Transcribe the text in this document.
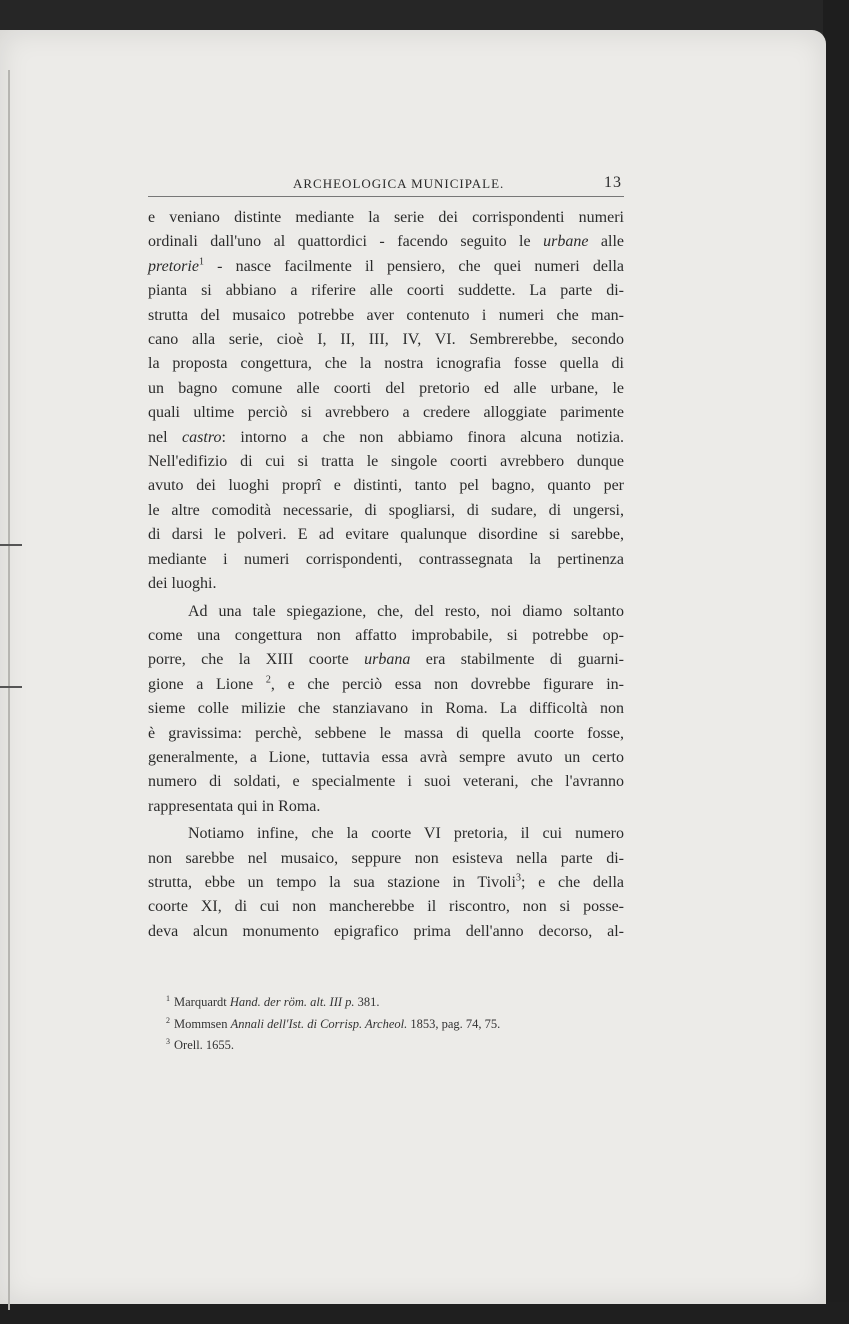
ARCHEOLOGICA MUNICIPALE.	13
e veniano distinte mediante la serie dei corrispondenti numeri
ordinali dall'uno al quattordici - facendo seguito le urbane alle
pretorie$^1$ - nasce facilmente il pensiero, che quei numeri della
pianta si abbiano a riferire alle coorti suddette. La parte di-
strutta del musaico potrebbe aver contenuto i numeri che man-
cano alla serie, cioè I, II, III, IV, VI. Sembrerebbe, secondo
la proposta congettura, che la nostra icnografia fosse quella di
un bagno comune alle coorti del pretorio ed alle urbane, le
quali ultime perciò si avrebbero a credere alloggiate parimente
nel castro: intorno a che non abbiamo finora alcuna notizia.
Nell'edifizio di cui si tratta le singole coorti avrebbero dunque
avuto dei luoghi proprî e distinti, tanto pel bagno, quanto per
le altre comodità necessarie, di spogliarsi, di sudare, di ungersi,
di darsi le polveri. E ad evitare qualunque disordine si sarebbe,
mediante i numeri corrispondenti, contrassegnata la pertinenza
dei luoghi.
Ad una tale spiegazione, che, del resto, noi diamo soltanto
come una congettura non affatto improbabile, si potrebbe op-
porre, che la XIII coorte urbana era stabilmente di guarni-
gione a Lione $^2$, e che perciò essa non dovrebbe figurare in-
sieme colle milizie che stanziavano in Roma. La difficoltà non
è gravissima: perchè, sebbene le massa di quella coorte fosse,
generalmente, a Lione, tuttavia essa avrà sempre avuto un certo
numero di soldati, e specialmente i suoi veterani, che l'avranno
rappresentata qui in Roma.
Notiamo infine, che la coorte VI pretoria, il cui numero
non sarebbe nel musaico, seppure non esisteva nella parte di-
strutta, ebbe un tempo la sua stazione in Tivoli$^3$; e che della
coorte XI, di cui non mancherebbe il riscontro, non si posse-
deva alcun monumento epigrafico prima dell'anno decorso, al-
$^1$ Marquardt Hand. der röm. alt. III p. 381.
$^2$ Mommsen Annali dell'Ist. di Corrisp. Archeol. 1853, pag. 74, 75.
$^3$ Orell. 1655.
